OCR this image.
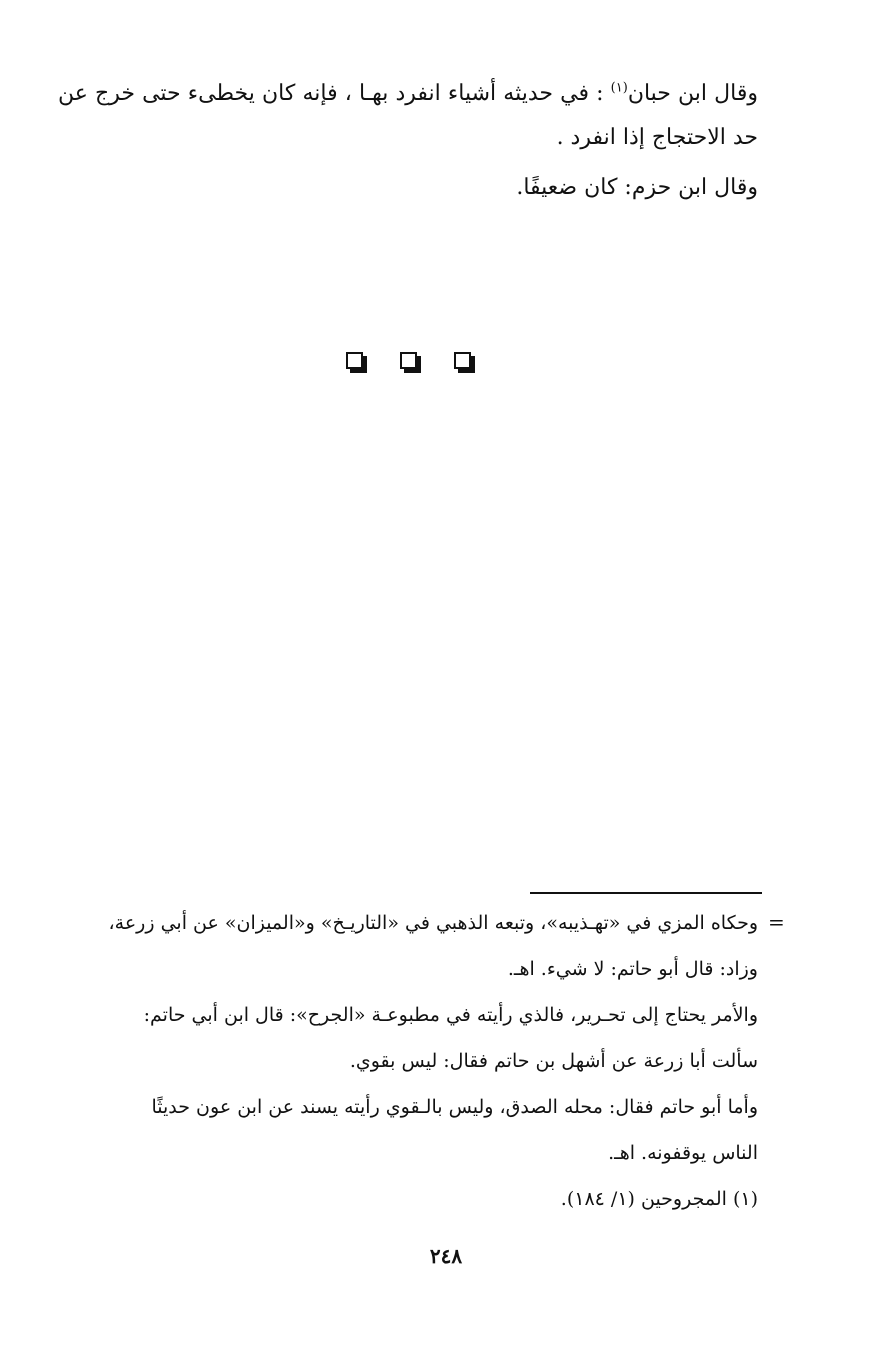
وقال ابن حبان$^{(١)}$ : في حديثه أشياء انفرد بهـا ، فإنه كان يخطىء حتى خرج عن حد الاحتجاج إذا انفرد .

وقال ابن حزم: كان ضعيفًا.

=

وحكاه المزي في «تهـذيبه»، وتبعه الذهبي في «التاريـخ» و«الميزان» عن أبي زرعة،

وزاد: قال أبو حاتم: لا شيء. اهـ.

والأمر يحتاج إلى تحـرير، فالذي رأيته في مطبوعـة «الجرح»: قال ابن أبي حاتم:

سألت أبا زرعة عن أشهل بن حاتم فقال: ليس بقوي.

وأما أبو حاتم فقال: محله الصدق، وليس بالـقوي رأيته يسند عن ابن عون حديثًا

الناس يوقفونه. اهـ.

(١) المجروحين (١/ ١٨٤).

٢٤٨
